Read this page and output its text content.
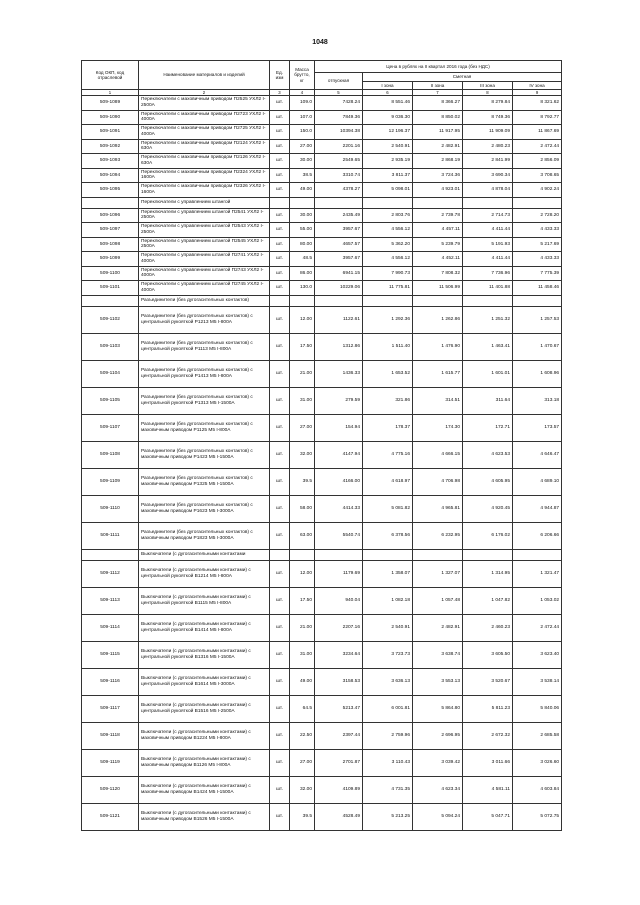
1048
Код ОКП, код отраслевой	Наименование материалов и изделий	Ед. изм	Масса брутто, кг	Цена в рублях на II квартал 2016 года (без НДС)				
				отпускная	Сметная			
					I зона	II зона	III зона	IV зона
1	2	3	4	5	6	7	8	9
509-1089	Переключатели с маховичным приводом П2525 УХЛ2 I-2500А	шт.	109.0	7428.24	8 551.46	8 366.27	8 279.84	8 321.62
509-1090	Переключатели с маховичным приводом П2723 УХЛ2 I-4000А	шт.	107.0	7849.36	9 036.30	8 850.02	8 749.36	8 792.77
509-1091	Переключатели с маховичным приводом П2725 УХЛ2 I-4000А	шт.	150.0	10394.38	12 196.37	11 917.95	11 909.09	11 867.69
509-1092	Переключатели с маховичным приводом П2124 УХЛ2 I-630А	шт.	27.00	2201.16	2 540.91	2 482.91	2 480.23	2 472.44
509-1093	Переключатели с маховичным приводом П2126 УХЛ2 I-630А	шт.	30.00	2549.65	2 935.19	2 868.19	2 841.99	2 856.09
509-1094	Переключатели с маховичным приводом П2324 УХЛ2 I-1600А	шт.	38.5	3310.74	3 811.37	3 724.36	3 690.34	3 708.65
509-1095	Переключатели с маховичным приводом П2326 УХЛ2 I-1600А	шт.	49.00	4378.27	5 098.01	4 923.01	4 878.04	4 902.24
	Переключатели с управлением штангой							
509-1096	Переключатели с управлением штангой П2541 УХЛ2 I-2500А	шт.	30.00	2435.49	2 803.76	2 739.78	2 714.73	2 728.20
509-1097	Переключатели с управлением штангой П2543 УХЛ2 I-2500А	шт.	55.00	3957.67	4 556.12	4 457.11	4 411.44	4 433.33
509-1098	Переключатели с управлением штангой П2545 УХЛ2 I-2500А	шт.	80.00	4657.57	5 362.20	5 239.79	5 191.93	5 217.69
509-1099	Переключатели с управлением штангой П2741 УХЛ2 I-4000А	шт.	48.5	3957.67	4 556.12	4 452.11	4 411.44	4 433.33
509-1100	Переключатели с управлением штангой П2743 УХЛ2 I-4000А	шт.	86.00	6941.15	7 990.73	7 808.32	7 736.96	7 775.39
509-1101	Переключатели с управлением штангой П2745 УХЛ2 I-4000А	шт.	130.0	10229.06	11 775.81	11 506.99	11 401.88	11 458.46
	Разъединители (без дугогасительных контактов)							
509-1102	Разъединители (без дугогасительных контактов) с центральной рукояткой Р1213 М5 I-800А	шт.	12.00	1122.61	1 292.36	1 262.86	1 251.32	1 257.53
509-1103	Разъединители (без дугогасительных контактов) с центральной рукояткой Р1113 М5 I-800А	шт.	17.50	1312.86	1 511.40	1 476.90	1 463.41	1 470.67
509-1104	Разъединители (без дугогасительных контактов) с центральной рукояткой Р1413 М5 I-800А	шт.	21.00	1436.33	1 653.52	1 615.77	1 601.01	1 608.96
509-1105	Разъединители (без дугогасительных контактов) с центральной рукояткой Р1313 М5 I-1500А	шт.	31.00	279.59	321.86	314.51	311.64	313.18
509-1107	Разъединители (без дугогасительных контактов) с маховичным приводом Р1125 М5 I-800А	шт.	27.00	154.94	178.37	174.30	172.71	173.57
509-1108	Разъединители (без дугогасительных контактов) с маховичным приводом Р1423 М5 I-1500А	шт.	32.00	4147.94	4 775.16	4 666.15	4 623.53	4 646.47
509-1109	Разъединители (без дугогасительных контактов) с маховичным приводом Р1325 М5 I-1500А	шт.	39.5	4166.00	4 618.97	4 706.98	4 605.95	4 689.10
509-1110	Разъединители (без дугогасительных контактов) с маховичным приводом Р1623 М5 I-3000А	шт.	58.00	4414.33	5 081.82	4 965.81	4 920.45	4 944.87
509-1111	Разъединители (без дугогасительных контактов) с маховичным приводом Р1823 М5 I-3000А	шт.	63.00	5540.74	6 378.56	6 232.95	6 176.02	6 206.66
	Выключатели (с дугогасительными контактами							
509-1112	Выключатели (с дугогасительными контактами) с центральной рукояткой В1214 М5 I-800А	шт.	12.00	1179.69	1 358.07	1 327.07	1 314.95	1 321.47
509-1113	Выключатели (с дугогасительными контактами) с центральной рукояткой В1115 М5 I-800А	шт.	17.50	940.04	1 082.18	1 057.48	1 047.82	1 053.02
509-1114	Выключатели (с дугогасительными контактами) с центральной рукояткой В1414 М5 I-800А	шт.	21.00	2207.16	2 540.91	2 482.91	2 460.23	2 472.44
509-1115	Выключатели (с дугогасительными контактами) с центральной рукояткой В1316 М5 I-1500А	шт.	31.00	3234.64	3 723.73	3 638.74	3 605.50	3 623.40
509-1116	Выключатели (с дугогасительными контактами) с центральной рукояткой В1614 М5 I-3000А	шт.	49.00	3158.53	3 636.13	3 553.13	3 520.67	3 538.14
509-1117	Выключатели (с дугогасительными контактами) с центральной рукояткой В1516 М5 I-2500А	шт.	64.5	5213.47	6 001.81	5 864.80	5 811.23	5 840.06
509-1118	Выключатели (с дугогасительными контактами) с маховичным приводом В1224 М5 I-800А	шт.	22.50	2397.44	2 759.96	2 696.95	2 672.32	2 685.58
509-1119	Выключатели (с дугогасительными контактами) с маховичным приводом В1126 М5 I-800А	шт.	27.00	2701.87	3 110.43	3 039.42	3 011.66	3 026.60
509-1120	Выключатели (с дугогасительными контактами) с маховичным приводом В1424 М5 I-1500А	шт.	32.00	4109.89	4 731.35	4 623.34	4 581.11	4 603.84
509-1121	Выключатели (с дугогасительными контактами) с маховичным приводом В1526 М5 I-1500А	шт.	39.5	4528.49	5 213.25	5 094.24	5 047.71	5 072.75
